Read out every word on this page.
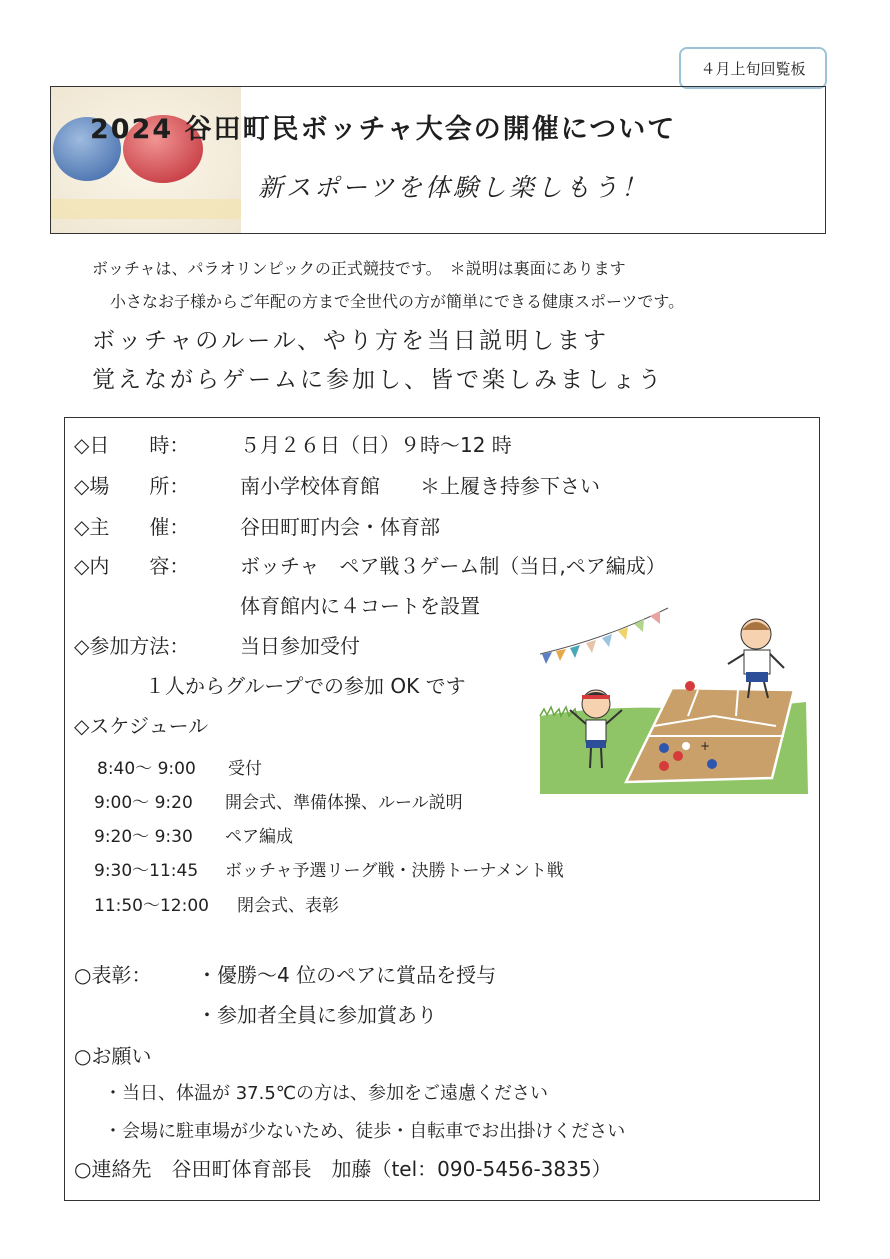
４月上旬回覧板
2024 谷田町民ボッチャ大会の開催について
新スポーツを体験し楽しもう！
ボッチャは、パラオリンピックの正式競技です。　＊説明は裏面にあります
小さなお子様からご年配の方まで全世代の方が簡単にできる健康スポーツです。
ボッチャのルール、やり方を当日説明します
覚えながらゲームに参加し、皆で楽しみましょう
◇日　　時：	５月２６日（日）９時～12 時
◇場　　所：	南小学校体育館　　＊上履き持参下さい
◇主　　催：	谷田町町内会・体育部
◇内　　容：	ボッチャ　ペア戦３ゲーム制（当日,ペア編成）
体育館内に４コートを設置
◇参加方法：	当日参加受付
１人からグループでの参加 OK です
◇スケジュール
8:40～ 9:00 受付
9:00～ 9:20 開会式、準備体操、ルール説明
9:20～ 9:30 ペア編成
9:30～11:45 ボッチャ予選リーグ戦・決勝トーナメント戦
11:50～12:00 閉会式、表彰
+
○表彰： ・優勝～4 位のペアに賞品を授与
・参加者全員に参加賞あり
○お願い
・当日、体温が 37.5℃の方は、参加をご遠慮ください
・会場に駐車場が少ないため、徒歩・自転車でお出掛けください
○連絡先　谷田町体育部長　加藤（tel：090-5456-3835）
